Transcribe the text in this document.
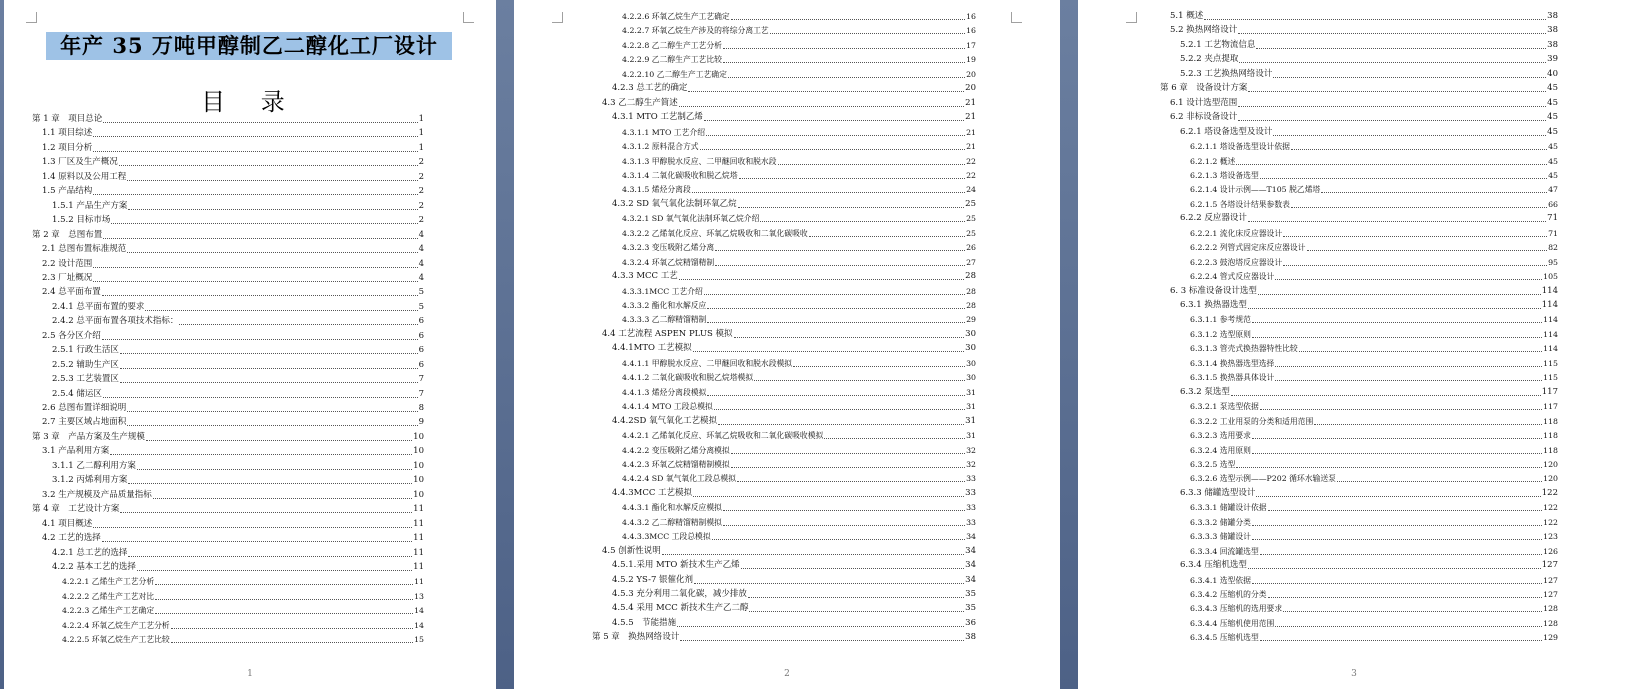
年产 35 万吨甲醇制乙二醇化工厂设计
目 录
第 1 章　项目总论	1
1.1 项目综述	1
1.2 项目分析	1
1.3 厂区及生产概况	2
1.4 原料以及公用工程	2
1.5 产品结构	2
1.5.1 产品生产方案	2
1.5.2 目标市场	2
第 2 章　总图布置	4
2.1 总图布置标准规范	4
2.2 设计范围	4
2.3 厂址概况	4
2.4 总平面布置	5
2.4.1 总平面布置的要求	5
2.4.2 总平面布置各项技术指标：	6
2.5 各分区介绍	6
2.5.1 行政生活区	6
2.5.2 辅助生产区	6
2.5.3 工艺装置区	7
2.5.4 储运区	7
2.6 总图布置详细说明	8
2.7 主要区域占地面积	9
第 3 章　产品方案及生产规模	10
3.1 产品利用方案	10
3.1.1 乙二醇利用方案	10
3.1.2 丙烯利用方案	10
3.2 生产规模及产品质量指标	10
第 4 章　工艺设计方案	11
4.1 项目概述	11
4.2 工艺的选择	11
4.2.1 总工艺的选择	11
4.2.2 基本工艺的选择	11
4.2.2.1 乙烯生产工艺分析	11
4.2.2.2 乙烯生产工艺对比	13
4.2.2.3 乙烯生产工艺确定	14
4.2.2.4 环氧乙烷生产工艺分析	14
4.2.2.5 环氧乙烷生产工艺比较	15
1
4.2.2.6 环氧乙烷生产工艺确定	16
4.2.2.7 环氧乙烷生产涉及的将综分离工艺	16
4.2.2.8 乙二醇生产工艺分析	17
4.2.2.9 乙二醇生产工艺比较	19
4.2.2.10 乙二醇生产工艺确定	20
4.2.3 总工艺的确定	20
4.3 乙二醇生产简述	21
4.3.1 MTO 工艺制乙烯	21
4.3.1.1 MTO 工艺介绍	21
4.3.1.2 原料混合方式	21
4.3.1.3 甲醇脱水反应、二甲醚回收和脱水段	22
4.3.1.4 二氧化碳吸收和脱乙烷塔	22
4.3.1.5 烯烃分离段	24
4.3.2 SD 氧气氧化法制环氧乙烷	25
4.3.2.1 SD 氧气氧化法制环氧乙烷介绍	25
4.3.2.2 乙烯氧化反应、环氧乙烷吸收和二氧化碳吸收	25
4.3.2.3 变压吸附乙烯分离	26
4.3.2.4 环氧乙烷精馏精制	27
4.3.3 MCC 工艺	28
4.3.3.1MCC 工艺介绍	28
4.3.3.2 酯化和水解反应	28
4.3.3.3 乙二醇精馏精制	29
4.4 工艺流程 ASPEN PLUS 模拟	30
4.4.1MTO 工艺模拟	30
4.4.1.1 甲醇脱水反应、二甲醚回收和脱水段模拟	30
4.4.1.2 二氧化碳吸收和脱乙烷塔模拟	30
4.4.1.3 烯烃分离段模拟	31
4.4.1.4 MTO 工段总模拟	31
4.4.2SD 氧气氧化工艺模拟	31
4.4.2.1 乙烯氧化反应、环氧乙烷吸收和二氧化碳吸收模拟	31
4.4.2.2 变压吸附乙烯分离模拟	32
4.4.2.3 环氧乙烷精馏精制模拟	32
4.4.2.4 SD 氧气氧化工段总模拟	33
4.4.3MCC 工艺模拟	33
4.4.3.1 酯化和水解反应模拟	33
4.4.3.2 乙二醇精馏精制模拟	33
4.4.3.3MCC 工段总模拟	34
4.5 创新性说明	34
4.5.1.采用 MTO 新技术生产乙烯	34
4.5.2 YS-7 银催化剂	34
4.5.3 充分利用二氧化碳，减少排放	35
4.5.4 采用 MCC 新技术生产乙二醇	35
4.5.5　节能措施	36
第 5 章　换热网络设计	38
2
5.1 概述	38
5.2 换热网络设计	38
5.2.1 工艺物流信息	38
5.2.2 夹点提取	39
5.2.3 工艺换热网络设计	40
第 6 章　设备设计方案	45
6.1 设计选型范围	45
6.2 非标设备设计	45
6.2.1 塔设备选型及设计	45
6.2.1.1 塔设备选型设计依据	45
6.2.1.2 概述	45
6.2.1.3 塔设备选型	45
6.2.1.4 设计示例——T105 脱乙烯塔	47
6.2.1.5 各塔设计结果参数表	66
6.2.2 反应器设计	71
6.2.2.1 流化床反应器设计	71
6.2.2.2 列管式固定床反应器设计	82
6.2.2.3 鼓泡塔反应器设计	95
6.2.2.4 管式反应器设计	105
6. 3 标准设备设计选型	114
6.3.1 换热器选型	114
6.3.1.1 参考规范	114
6.3.1.2 选型原则	114
6.3.1.3 管壳式换热器特性比较	114
6.3.1.4 换热器选型选择	115
6.3.1.5 换热器具体设计	115
6.3.2 泵选型	117
6.3.2.1 泵选型依据	117
6.3.2.2 工业用泵的分类和适用范围	118
6.3.2.3 选用要求	118
6.3.2.4 选用原则	118
6.3.2.5 选型	120
6.3.2.6 选型示例——P202 循环水输送泵	120
6.3.3 储罐选型设计	122
6.3.3.1 储罐设计依据	122
6.3.3.2 储罐分类	122
6.3.3.3 储罐设计	123
6.3.3.4 回流罐选型	126
6.3.4 压缩机选型	127
6.3.4.1 选型依据	127
6.3.4.2 压缩机的分类	127
6.3.4.3 压缩机的选用要求	128
6.3.4.4 压缩机使用范围	128
6.3.4.5 压缩机选型	129
3
